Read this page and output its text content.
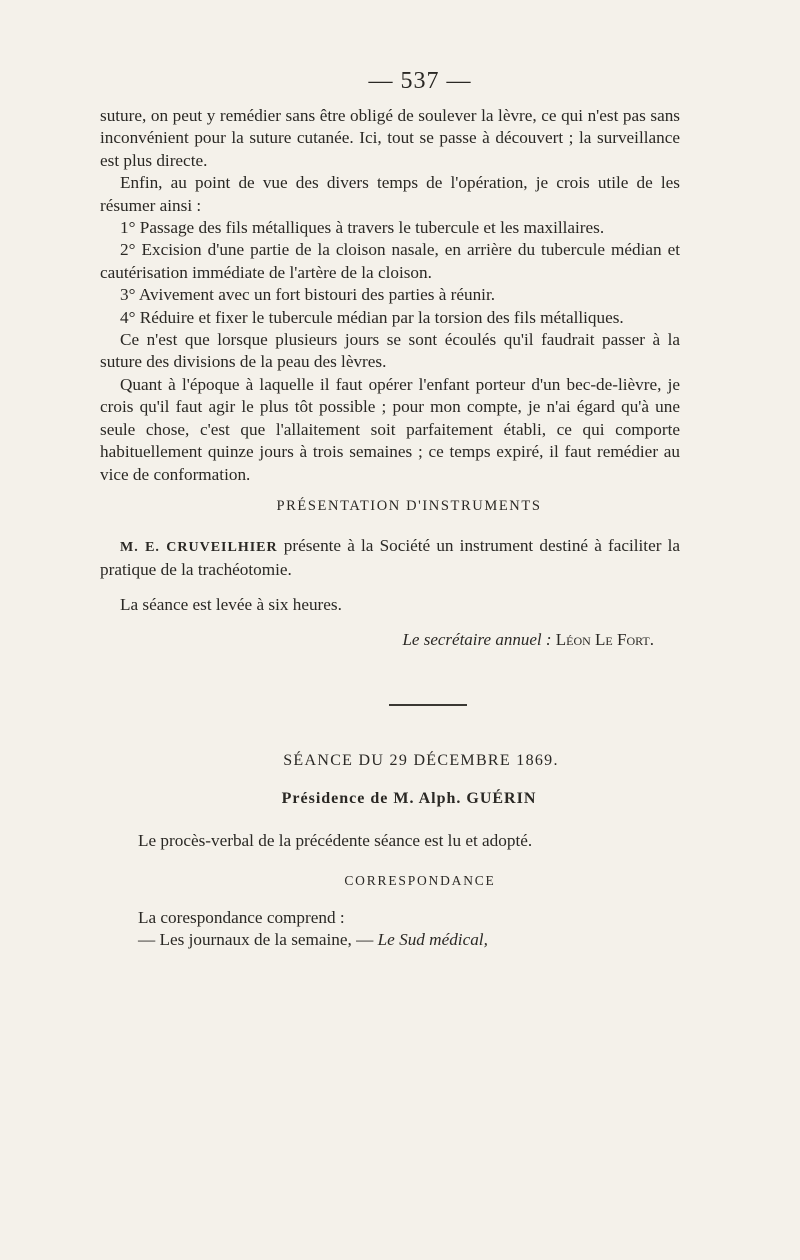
— 537 —

suture, on peut y remédier sans être obligé de soulever la lèvre, ce qui n'est pas sans inconvénient pour la suture cutanée. Ici, tout se passe à découvert ; la surveillance est plus directe.

Enfin, au point de vue des divers temps de l'opération, je crois utile de les résumer ainsi :

1° Passage des fils métalliques à travers le tubercule et les maxillaires.

2° Excision d'une partie de la cloison nasale, en arrière du tubercule médian et cautérisation immédiate de l'artère de la cloison.

3° Avivement avec un fort bistouri des parties à réunir.

4° Réduire et fixer le tubercule médian par la torsion des fils métalliques.

Ce n'est que lorsque plusieurs jours se sont écoulés qu'il faudrait passer à la suture des divisions de la peau des lèvres.

Quant à l'époque à laquelle il faut opérer l'enfant porteur d'un bec-de-lièvre, je crois qu'il faut agir le plus tôt possible ; pour mon compte, je n'ai égard qu'à une seule chose, c'est que l'allaitement soit parfaitement établi, ce qui comporte habituellement quinze jours à trois semaines ; ce temps expiré, il faut remédier au vice de conformation.

PRÉSENTATION D'INSTRUMENTS

M. E. CRUVEILHIER présente à la Société un instrument destiné à faciliter la pratique de la trachéotomie.

La séance est levée à six heures.

Le secrétaire annuel : Léon Le Fort.
SÉANCE DU 29 DÉCEMBRE 1869.
Présidence de M. Alph. GUÉRIN

Le procès-verbal de la précédente séance est lu et adopté.

CORRESPONDANCE

La corespondance comprend :

— Les journaux de la semaine, — Le Sud médical,
